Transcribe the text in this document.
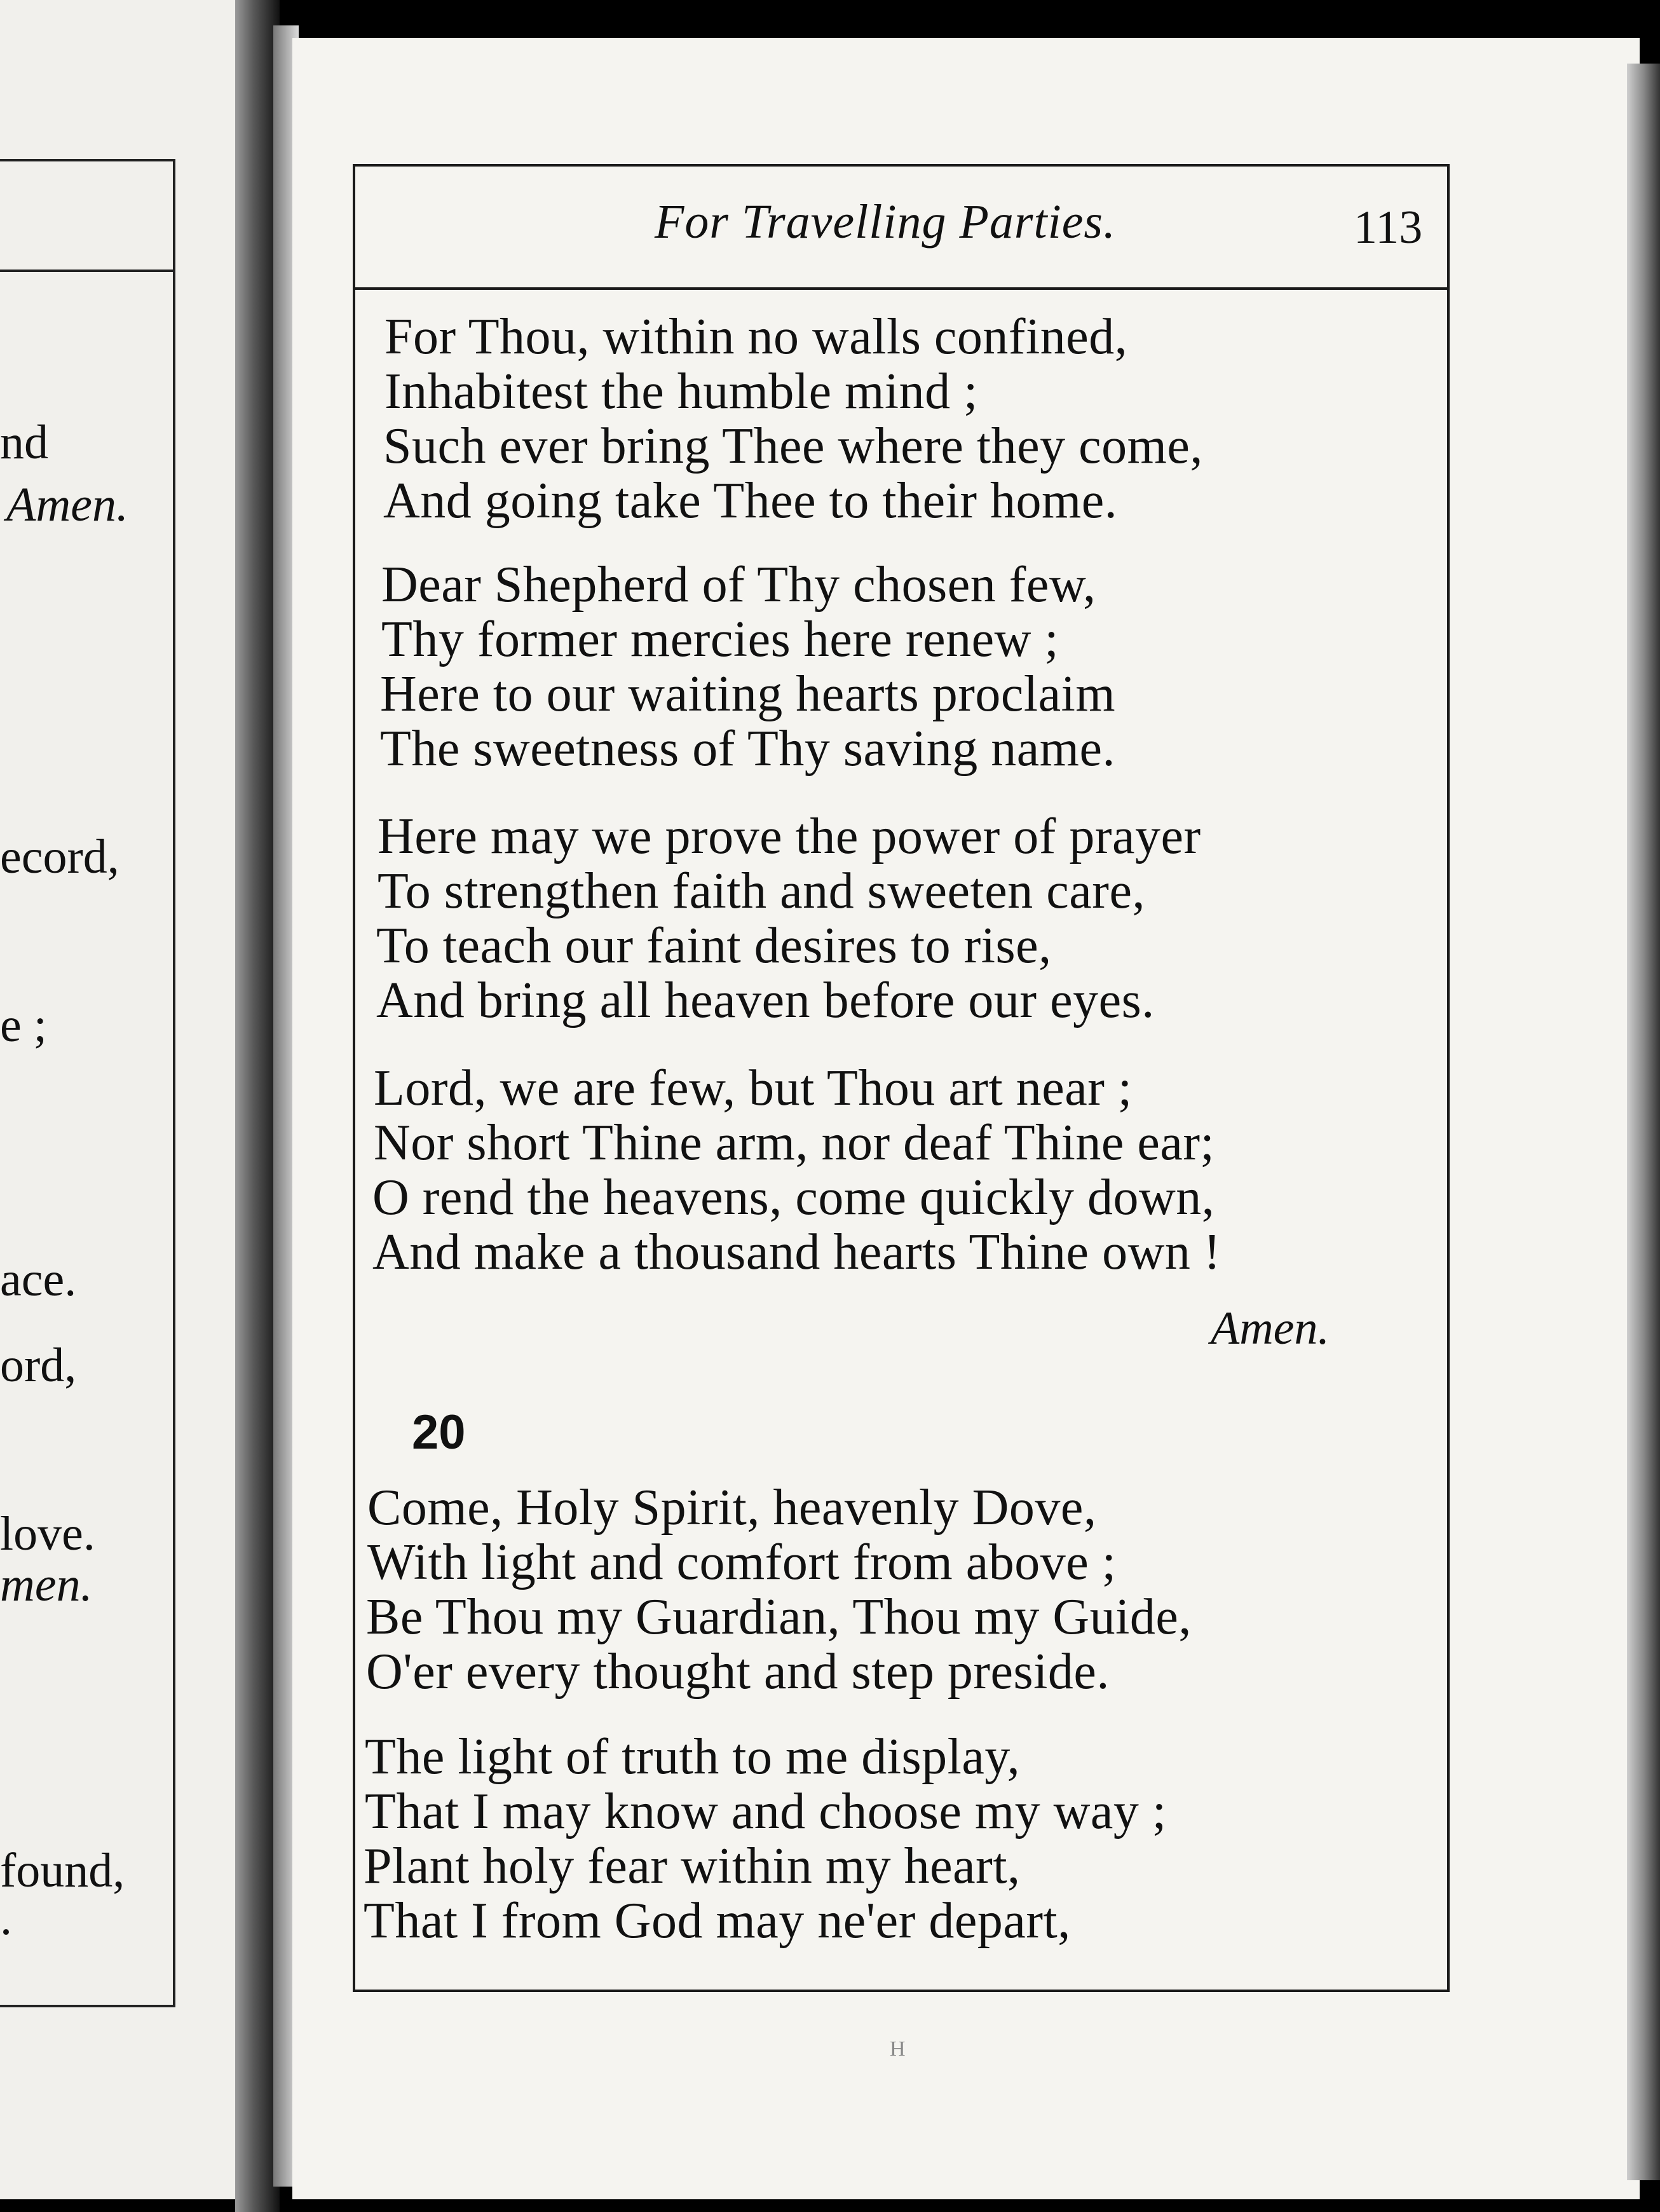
nd
Amen.
ecord,
e ;
ace.
ord,
love.
men.
found,
.
For Travelling Parties.	113
For Thou, within no walls confined,
Inhabitest the humble mind ;
Such ever bring Thee where they come,
And going take Thee to their home.
Dear Shepherd of Thy chosen few,
Thy former mercies here renew ;
Here to our waiting hearts proclaim
The sweetness of Thy saving name.
Here may we prove the power of prayer
To strengthen faith and sweeten care,
To teach our faint desires to rise,
And bring all heaven before our eyes.
Lord, we are few, but Thou art near ;
Nor short Thine arm, nor deaf Thine ear;
O rend the heavens, come quickly down,
And make a thousand hearts Thine own !
Amen.
20
Come, Holy Spirit, heavenly Dove,
With light and comfort from above ;
Be Thou my Guardian, Thou my Guide,
O'er every thought and step preside.
The light of truth to me display,
That I may know and choose my way ;
Plant holy fear within my heart,
That I from God may ne'er depart,
H
